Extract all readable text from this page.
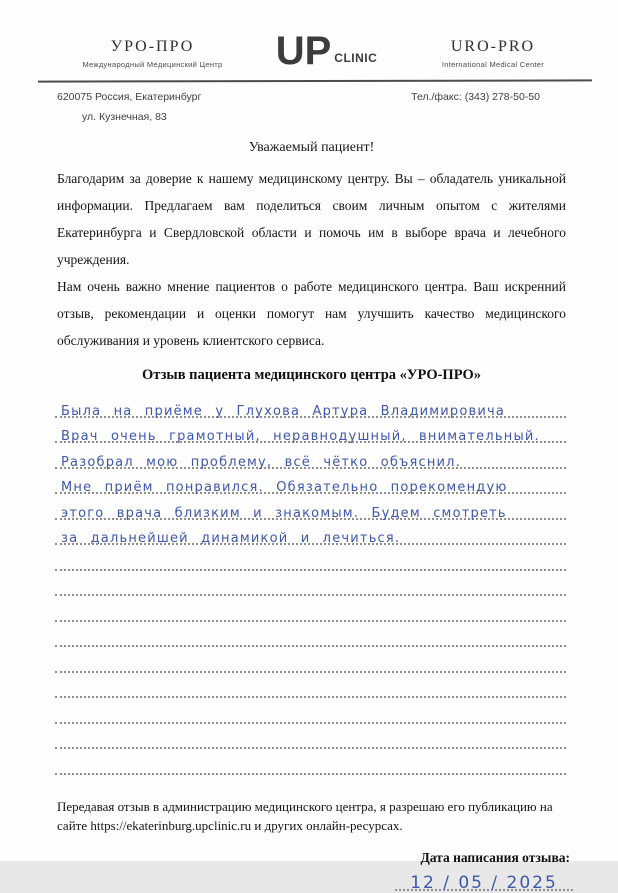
УРО-ПРО
Международный Медицинский Центр	UP CLINIC
URO-PRO
International Medical Center
620075 Россия, Екатеринбург
ул. Кузнечная, 83
Тел./факс: (343) 278-50-50
Уважаемый пациент!
Благодарим за доверие к нашему медицинскому центру. Вы – обладатель уникальной информации. Предлагаем вам поделиться своим личным опытом с жителями Екатеринбурга и Свердловской области и помочь им в выборе врача и лечебного учреждения.
Нам очень важно мнение пациентов о работе медицинского центра. Ваш искренний отзыв, рекомендации и оценки помогут нам улучшить качество медицинского обслуживания и уровень клиентского сервиса.
Отзыв пациента медицинского центра «УРО-ПРО»
Была на приёме у Глухова Артура Владимировича
Врач очень грамотный, неравнодушный, внимательный.
Разобрал мою проблему, всё чётко объяснил.
Мне приём понравился. Обязательно порекомендую
этого врача близким и знакомым. Будем смотреть
за дальнейшей динамикой и лечиться.
Передавая отзыв в администрацию медицинского центра, я разрешаю его публикацию на сайте https://ekaterinburg.upclinic.ru и других онлайн-ресурсах.
Дата написания отзыва:
12 / 05 / 2025
